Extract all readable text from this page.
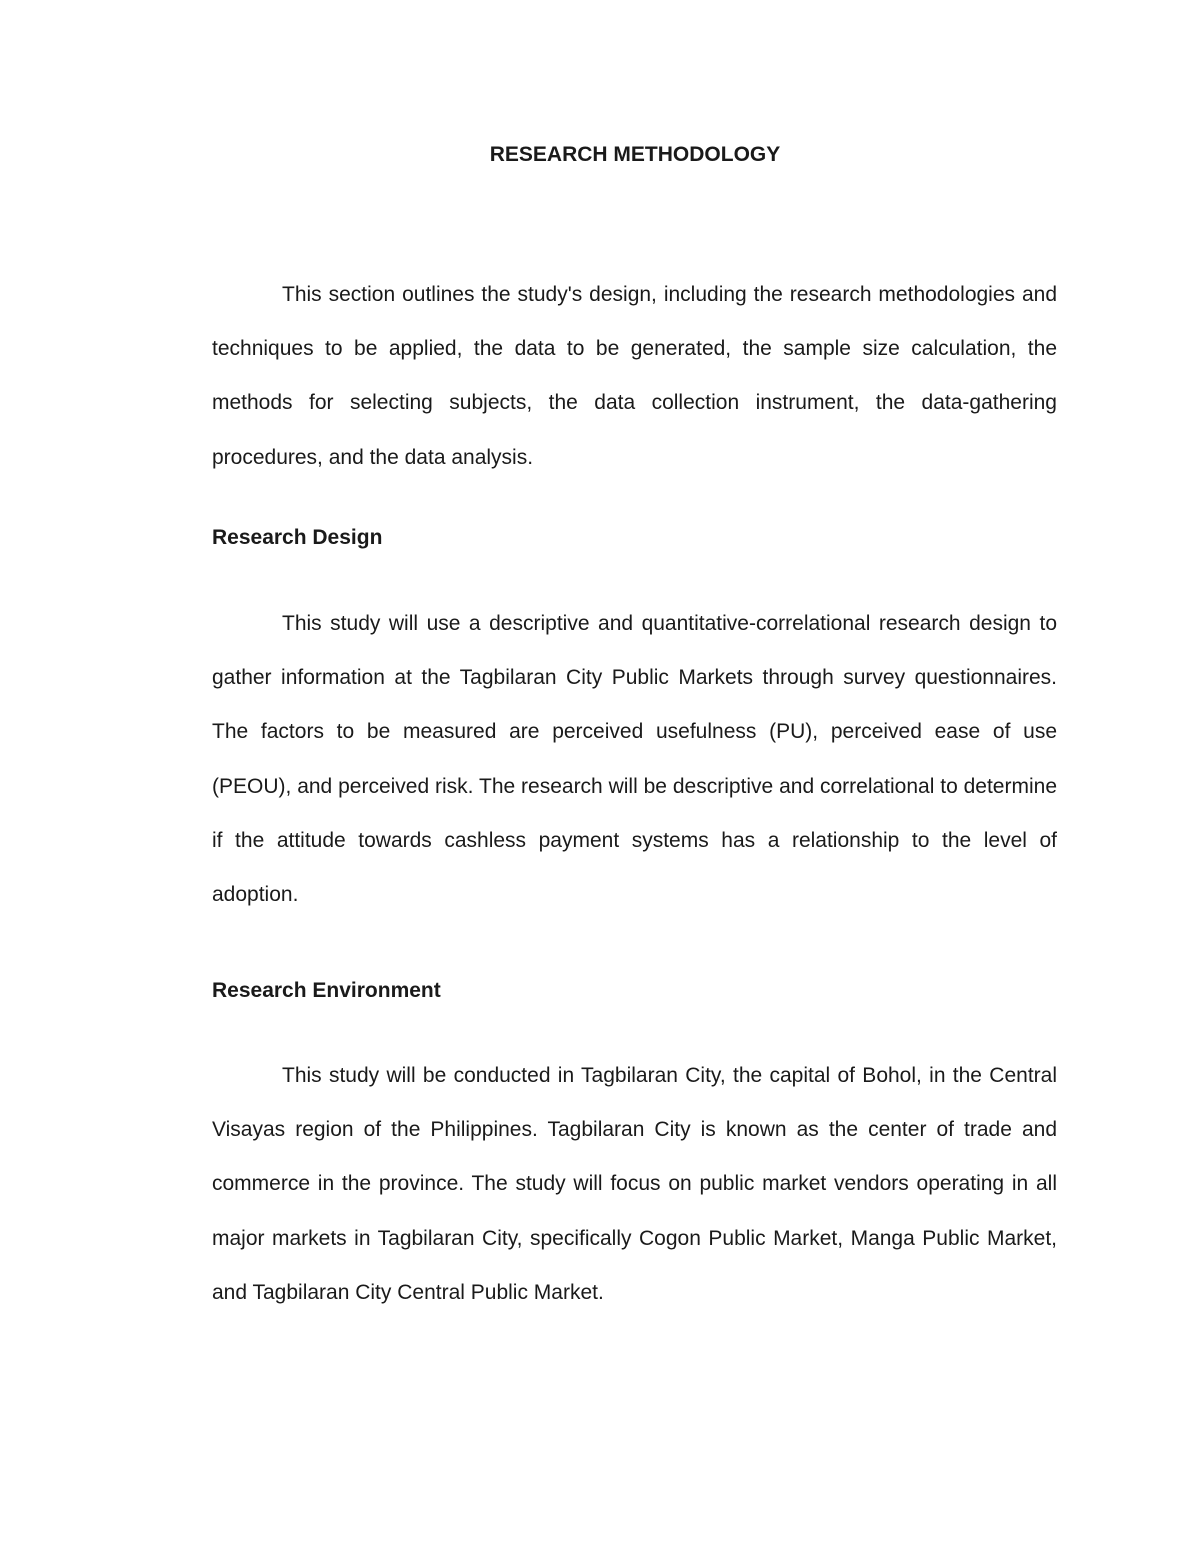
RESEARCH METHODOLOGY

This section outlines the study's design, including the research methodologies and techniques to be applied, the data to be generated, the sample size calculation, the methods for selecting subjects, the data collection instrument, the data-gathering procedures, and the data analysis.

Research Design

This study will use a descriptive and quantitative-correlational research design to gather information at the Tagbilaran City Public Markets through survey questionnaires. The factors to be measured are perceived usefulness (PU), perceived ease of use (PEOU), and perceived risk. The research will be descriptive and correlational to determine if the attitude towards cashless payment systems has a relationship to the level of adoption.

Research Environment

This study will be conducted in Tagbilaran City, the capital of Bohol, in the Central Visayas region of the Philippines. Tagbilaran City is known as the center of trade and commerce in the province. The study will focus on public market vendors operating in all major markets in Tagbilaran City, specifically Cogon Public Market, Manga Public Market, and Tagbilaran City Central Public Market.
